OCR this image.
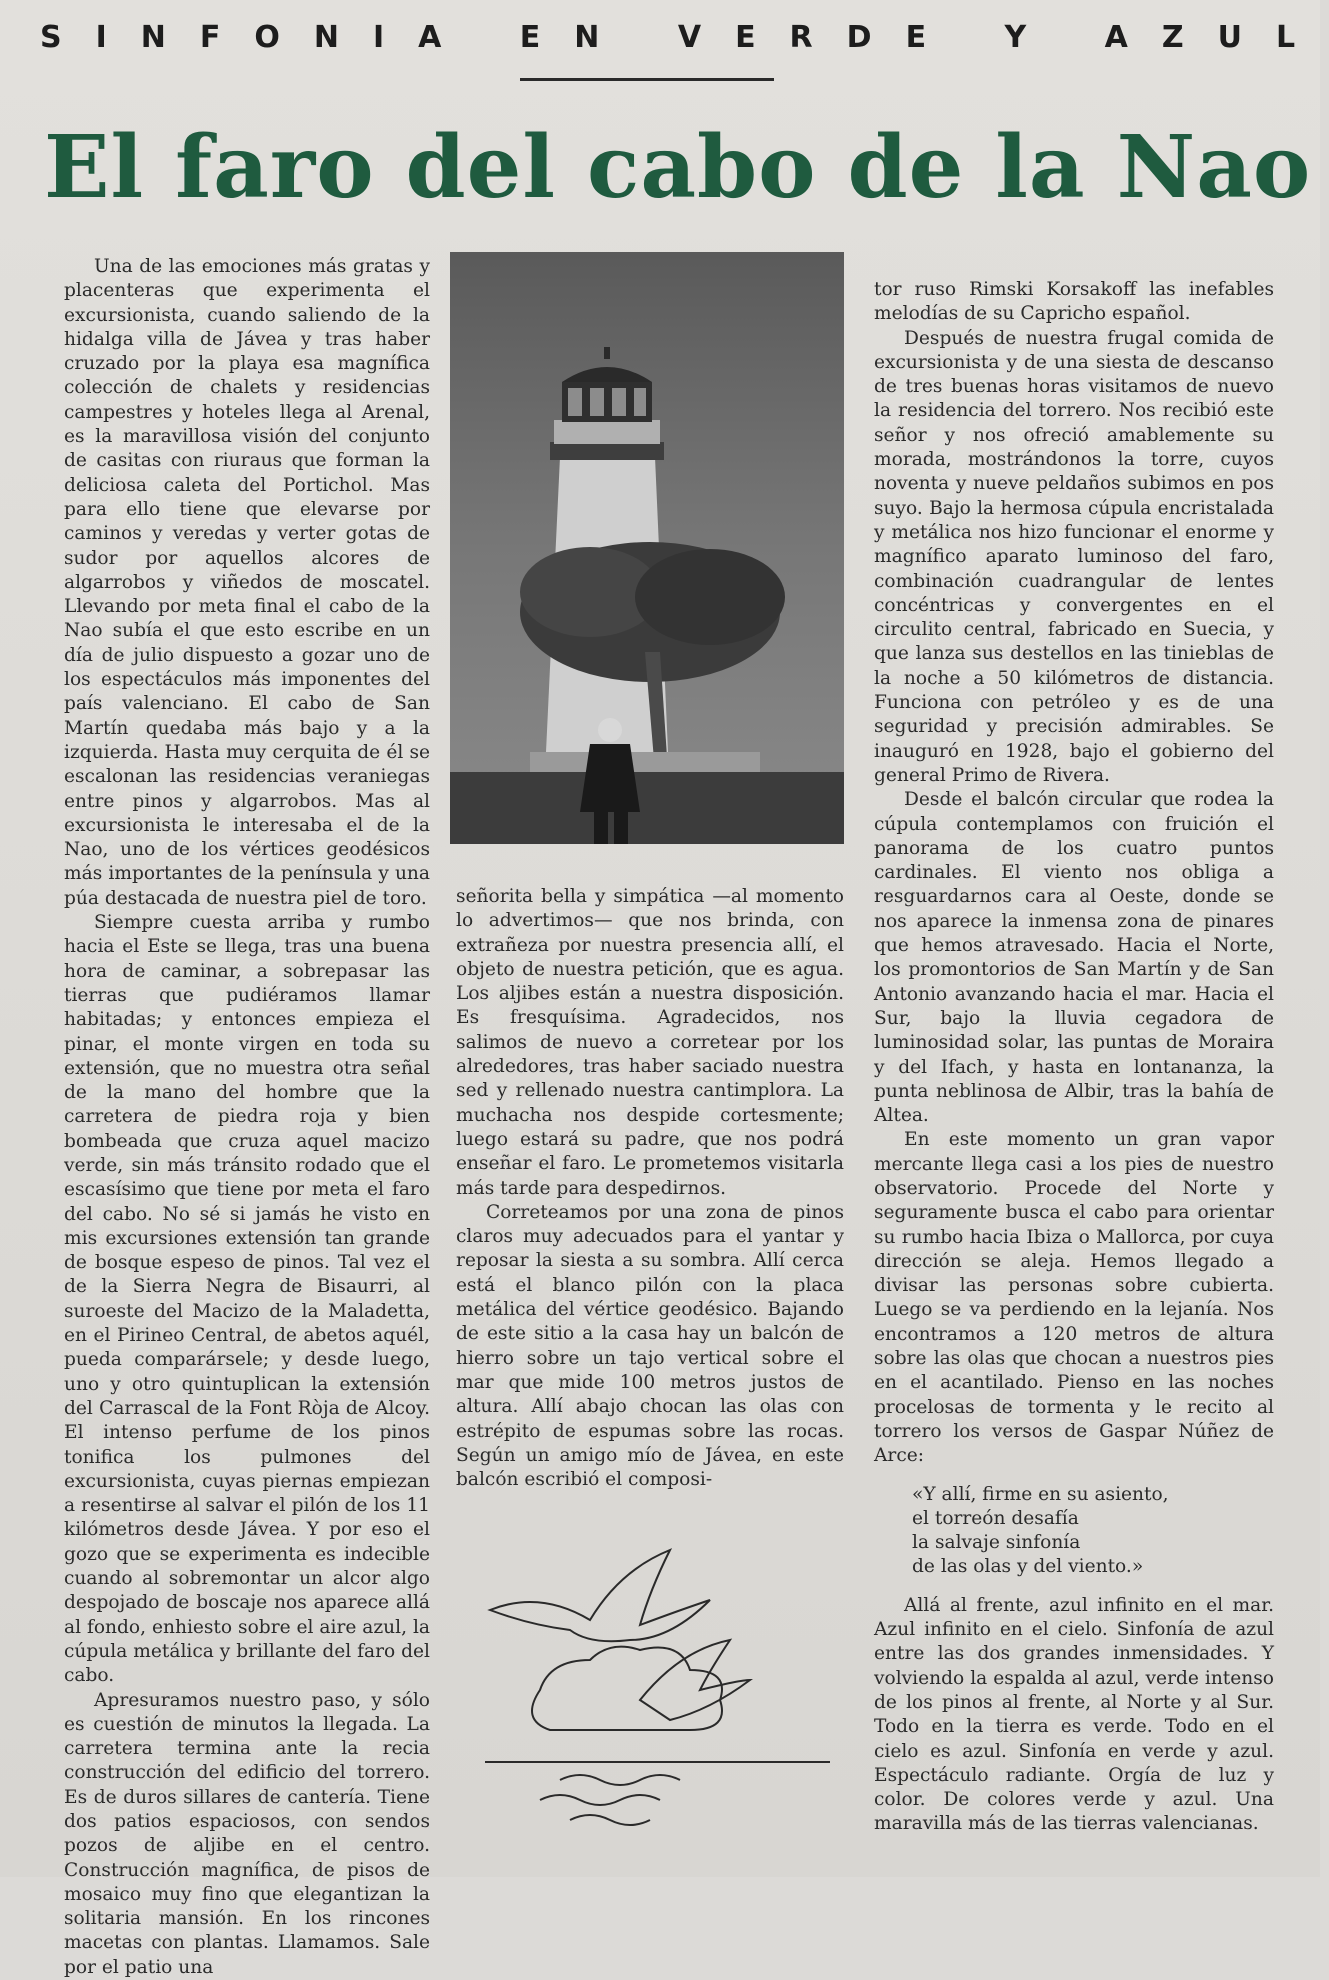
SINFONIA EN VERDE Y AZUL
El faro del cabo de la Nao

Una de las emociones más gratas y placenteras que experimenta el excursionista, cuando saliendo de la hidalga villa de Jávea y tras haber cruzado por la playa esa magnífica colección de chalets y residencias campestres y hoteles llega al Arenal, es la maravillosa visión del conjunto de casitas con riuraus que forman la deliciosa caleta del Portichol. Mas para ello tiene que elevarse por caminos y veredas y verter gotas de sudor por aquellos alcores de algarrobos y viñedos de moscatel. Llevando por meta final el cabo de la Nao subía el que esto escribe en un día de julio dispuesto a gozar uno de los espectáculos más imponentes del país valenciano. El cabo de San Martín quedaba más bajo y a la izquierda. Hasta muy cerquita de él se escalonan las residencias veraniegas entre pinos y algarrobos. Mas al excursionista le interesaba el de la Nao, uno de los vértices geodésicos más importantes de la península y una púa destacada de nuestra piel de toro.

Siempre cuesta arriba y rumbo hacia el Este se llega, tras una buena hora de caminar, a sobrepasar las tierras que pudiéramos llamar habitadas; y entonces empieza el pinar, el monte virgen en toda su extensión, que no muestra otra señal de la mano del hombre que la carretera de piedra roja y bien bombeada que cruza aquel macizo verde, sin más tránsito rodado que el escasísimo que tiene por meta el faro del cabo. No sé si jamás he visto en mis excursiones extensión tan grande de bosque espeso de pinos. Tal vez el de la Sierra Negra de Bisaurri, al suroeste del Macizo de la Maladetta, en el Pirineo Central, de abetos aquél, pueda comparársele; y desde luego, uno y otro quintuplican la extensión del Carrascal de la Font Ròja de Alcoy. El intenso perfume de los pinos tonifica los pulmones del excursionista, cuyas piernas empiezan a resentirse al salvar el pilón de los 11 kilómetros desde Jávea. Y por eso el gozo que se experimenta es indecible cuando al sobremontar un alcor algo despojado de boscaje nos aparece allá al fondo, enhiesto sobre el aire azul, la cúpula metálica y brillante del faro del cabo.

Apresuramos nuestro paso, y sólo es cuestión de minutos la llegada. La carretera termina ante la recia construcción del edificio del torrero. Es de duros sillares de cantería. Tiene dos patios espaciosos, con sendos pozos de aljibe en el centro. Construcción magnífica, de pisos de mosaico muy fino que elegantizan la solitaria mansión. En los rincones macetas con plantas. Llamamos. Sale por el patio una

señorita bella y simpática —al momento lo advertimos— que nos brinda, con extrañeza por nuestra presencia allí, el objeto de nuestra petición, que es agua. Los aljibes están a nuestra disposición. Es fresquísima. Agradecidos, nos salimos de nuevo a corretear por los alrededores, tras haber saciado nuestra sed y rellenado nuestra cantimplora. La muchacha nos despide cortesmente; luego estará su padre, que nos podrá enseñar el faro. Le prometemos visitarla más tarde para despedirnos.

Correteamos por una zona de pinos claros muy adecuados para el yantar y reposar la siesta a su sombra. Allí cerca está el blanco pilón con la placa metálica del vértice geodésico. Bajando de este sitio a la casa hay un balcón de hierro sobre un tajo vertical sobre el mar que mide 100 metros justos de altura. Allí abajo chocan las olas con estrépito de espumas sobre las rocas. Según un amigo mío de Jávea, en este balcón escribió el composi-

tor ruso Rimski Korsakoff las inefables melodías de su Capricho español.

Después de nuestra frugal comida de excursionista y de una siesta de descanso de tres buenas horas visitamos de nuevo la residencia del torrero. Nos recibió este señor y nos ofreció amablemente su morada, mostrándonos la torre, cuyos noventa y nueve peldaños subimos en pos suyo. Bajo la hermosa cúpula encristalada y metálica nos hizo funcionar el enorme y magnífico aparato luminoso del faro, combinación cuadrangular de lentes concéntricas y convergentes en el circulito central, fabricado en Suecia, y que lanza sus destellos en las tinieblas de la noche a 50 kilómetros de distancia. Funciona con petróleo y es de una seguridad y precisión admirables. Se inauguró en 1928, bajo el gobierno del general Primo de Rivera.

Desde el balcón circular que rodea la cúpula contemplamos con fruición el panorama de los cuatro puntos cardinales. El viento nos obliga a resguardarnos cara al Oeste, donde se nos aparece la inmensa zona de pinares que hemos atravesado. Hacia el Norte, los promontorios de San Martín y de San Antonio avanzando hacia el mar. Hacia el Sur, bajo la lluvia cegadora de luminosidad solar, las puntas de Moraira y del Ifach, y hasta en lontananza, la punta neblinosa de Albir, tras la bahía de Altea.

En este momento un gran vapor mercante llega casi a los pies de nuestro observatorio. Procede del Norte y seguramente busca el cabo para orientar su rumbo hacia Ibiza o Mallorca, por cuya dirección se aleja. Hemos llegado a divisar las personas sobre cubierta. Luego se va perdiendo en la lejanía. Nos encontramos a 120 metros de altura sobre las olas que chocan a nuestros pies en el acantilado. Pienso en las noches procelosas de tormenta y le recito al torrero los versos de Gaspar Núñez de Arce:

«Y allí, firme en su asiento,
el torreón desafía
la salvaje sinfonía
de las olas y del viento.»

Allá al frente, azul infinito en el mar. Azul infinito en el cielo. Sinfonía de azul entre las dos grandes inmensidades. Y volviendo la espalda al azul, verde intenso de los pinos al frente, al Norte y al Sur. Todo en la tierra es verde. Todo en el cielo es azul. Sinfonía en verde y azul. Espectáculo radiante. Orgía de luz y color. De colores verde y azul. Una maravilla más de las tierras valencianas.
